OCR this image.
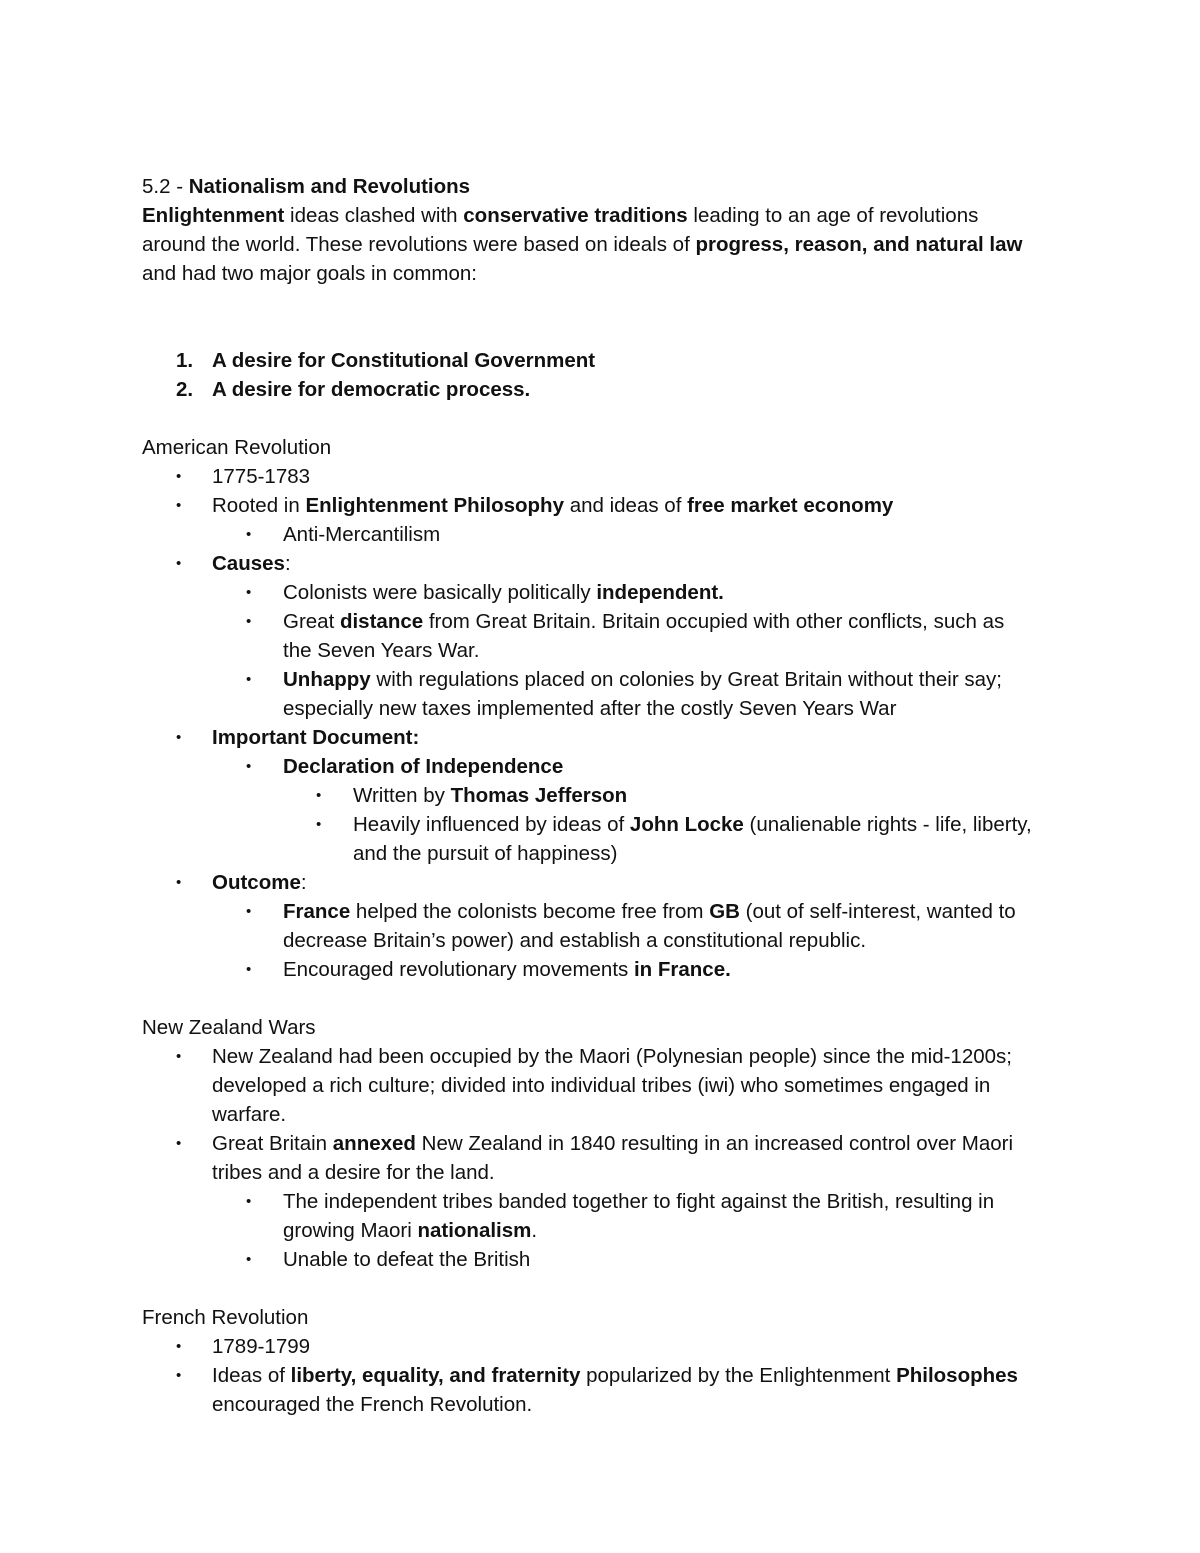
5.2 - Nationalism and Revolutions
Enlightenment ideas clashed with conservative traditions leading to an age of revolutions
around the world. These revolutions were based on ideals of progress, reason, and natural law
and had two major goals in common:
1. A desire for Constitutional Government
2. A desire for democratic process.
American Revolution
• 1775-1783
• Rooted in Enlightenment Philosophy and ideas of free market economy
• Anti-Mercantilism
• Causes:
• Colonists were basically politically independent.
• Great distance from Great Britain. Britain occupied with other conflicts, such as
the Seven Years War.
• Unhappy with regulations placed on colonies by Great Britain without their say;
especially new taxes implemented after the costly Seven Years War
• Important Document:
• Declaration of Independence
• Written by Thomas Jefferson
• Heavily influenced by ideas of John Locke (unalienable rights - life, liberty,
and the pursuit of happiness)
• Outcome:
• France helped the colonists become free from GB (out of self-interest, wanted to
decrease Britain’s power) and establish a constitutional republic.
• Encouraged revolutionary movements in France.
New Zealand Wars
• New Zealand had been occupied by the Maori (Polynesian people) since the mid-1200s;
developed a rich culture; divided into individual tribes (iwi) who sometimes engaged in
warfare.
• Great Britain annexed New Zealand in 1840 resulting in an increased control over Maori
tribes and a desire for the land.
• The independent tribes banded together to fight against the British, resulting in
growing Maori nationalism.
• Unable to defeat the British
French Revolution
• 1789-1799
• Ideas of liberty, equality, and fraternity popularized by the Enlightenment Philosophes
encouraged the French Revolution.
